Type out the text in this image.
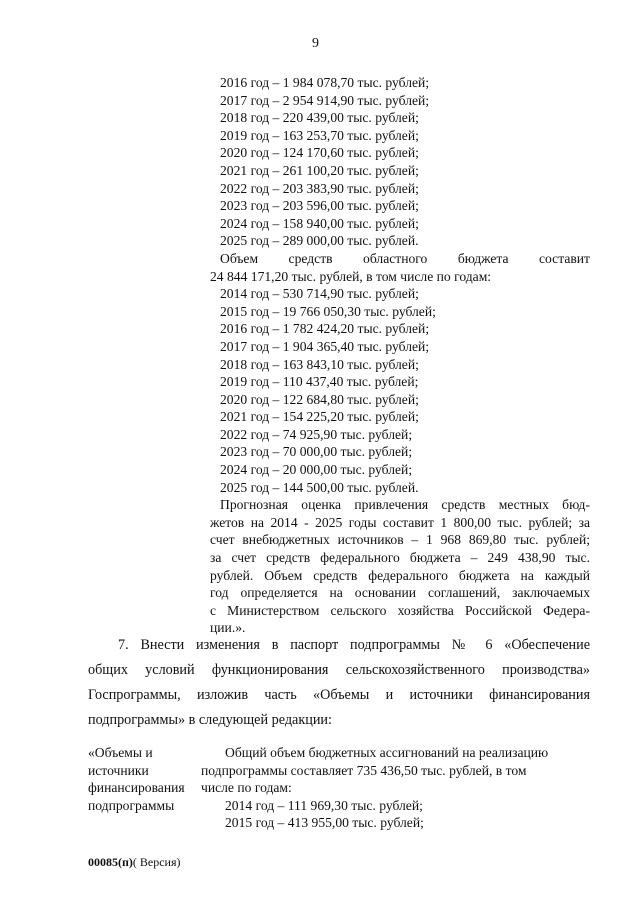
9
2016 год – 1 984 078,70 тыс. рублей;
2017 год – 2 954 914,90 тыс. рублей;
2018 год – 220 439,00 тыс. рублей;
2019 год – 163 253,70 тыс. рублей;
2020 год – 124 170,60 тыс. рублей;
2021 год – 261 100,20 тыс. рублей;
2022 год – 203 383,90 тыс. рублей;
2023 год – 203 596,00 тыс. рублей;
2024 год – 158 940,00 тыс. рублей;
2025 год – 289 000,00 тыс. рублей.
Объем средств областного бюджета составит
24 844 171,20 тыс. рублей, в том числе по годам:
2014 год – 530 714,90 тыс. рублей;
2015 год – 19 766 050,30 тыс. рублей;
2016 год – 1 782 424,20 тыс. рублей;
2017 год – 1 904 365,40 тыс. рублей;
2018 год – 163 843,10 тыс. рублей;
2019 год – 110 437,40 тыс. рублей;
2020 год – 122 684,80 тыс. рублей;
2021 год – 154 225,20 тыс. рублей;
2022 год – 74 925,90 тыс. рублей;
2023 год – 70 000,00 тыс. рублей;
2024 год – 20 000,00 тыс. рублей;
2025 год – 144 500,00 тыс. рублей.
Прогнозная оценка привлечения средств местных бюд-
жетов на 2014 - 2025 годы составит 1 800,00 тыс. рублей; за
счет внебюджетных источников – 1 968 869,80 тыс. рублей;
за счет средств федерального бюджета – 249 438,90 тыс.
рублей. Объем средств федерального бюджета на каждый
год определяется на основании соглашений, заключаемых
с Министерством сельского хозяйства Российской Федера-
ции.».
7. Внести изменения в паспорт подпрограммы № 6 «Обеспечение
общих условий функционирования сельскохозяйственного производства»
Госпрограммы, изложив часть «Объемы и источники финансирования
подпрограммы» в следующей редакции:
«Объемы и
источники
финансирования
подпрограммы
Общий объем бюджетных ассигнований на реализацию
подпрограммы составляет 735 436,50 тыс. рублей, в том
числе по годам:
2014 год – 111 969,30 тыс. рублей;
2015 год – 413 955,00 тыс. рублей;
00085(п)( Версия)
